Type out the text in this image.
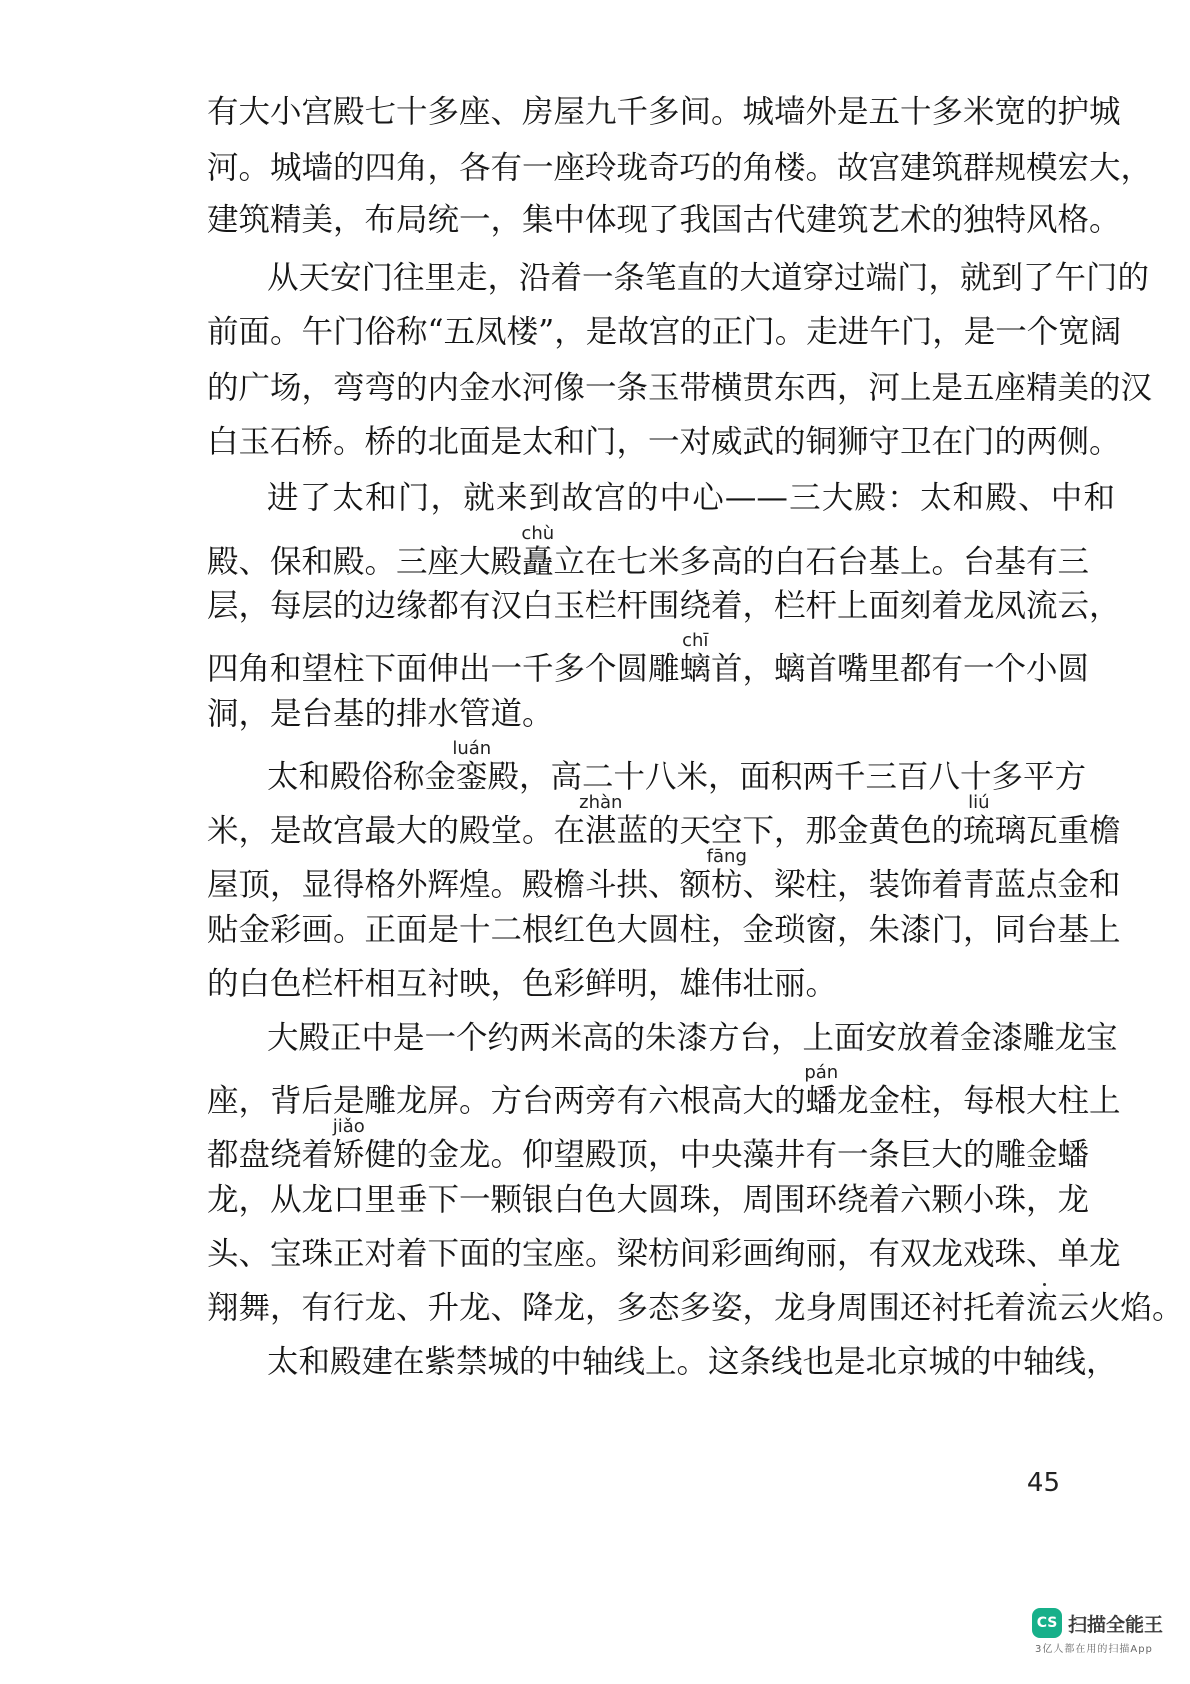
有大小宫殿七十多座、房屋九千多间。城墙外是五十多米宽的护城
河。城墙的四角，各有一座玲珑奇巧的角楼。故宫建筑群规模宏大，
建筑精美，布局统一，集中体现了我国古代建筑艺术的独特风格。
从天安门往里走，沿着一条笔直的大道穿过端门，就到了午门的
前面。午门俗称“五凤楼”，是故宫的正门。走进午门，是一个宽阔
的广场，弯弯的内金水河像一条玉带横贯东西，河上是五座精美的汉
白玉石桥。桥的北面是太和门，一对威武的铜狮守卫在门的两侧。
进了太和门，就来到故宫的中心——三大殿：太和殿、中和
殿、保和殿。三座大殿矗chù立在七米多高的白石台基上。台基有三
层，每层的边缘都有汉白玉栏杆围绕着，栏杆上面刻着龙凤流云，
四角和望柱下面伸出一千多个圆雕螭chī首，螭首嘴里都有一个小圆
洞，是台基的排水管道。
太和殿俗称金銮luán殿，高二十八米，面积两千三百八十多平方
米，是故宫最大的殿堂。在湛zhàn蓝的天空下，那金黄色的琉liú璃瓦重檐
屋顶，显得格外辉煌。殿檐斗拱、额枋fāng、梁柱，装饰着青蓝点金和
贴金彩画。正面是十二根红色大圆柱，金琐窗，朱漆门，同台基上
的白色栏杆相互衬映，色彩鲜明，雄伟壮丽。
大殿正中是一个约两米高的朱漆方台，上面安放着金漆雕龙宝
座，背后是雕龙屏。方台两旁有六根高大的蟠pán龙金柱，每根大柱上
都盘绕着矫jiǎo健的金龙。仰望殿顶，中央藻井有一条巨大的雕金蟠
龙，从龙口里垂下一颗银白色大圆珠，周围环绕着六颗小珠，龙
头、宝珠正对着下面的宝座。梁枋间彩画绚丽，有双龙戏珠、单龙
翔舞，有行龙、升龙、降龙，多态多姿，龙身周围还衬托着流云火焰。
太和殿建在紫禁城的中轴线上。这条线也是北京城的中轴线，
45
CS 扫描全能王
3亿人都在用的扫描App
